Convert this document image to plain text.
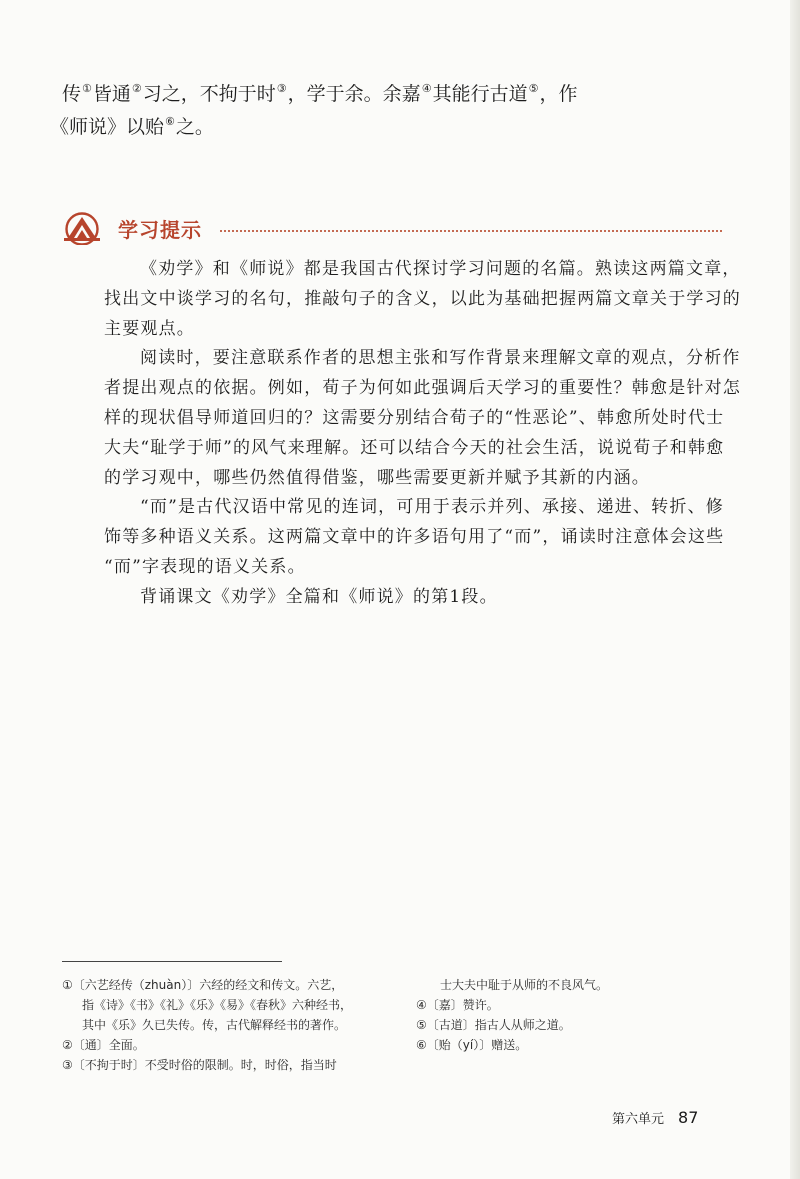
传①皆通②习之，不拘于时③，学于余。余嘉④其能行古道⑤，作
《师说》以贻⑥之。
学习提示

《劝学》和《师说》都是我国古代探讨学习问题的名篇。熟读这两篇文章，
找出文中谈学习的名句，推敲句子的含义，以此为基础把握两篇文章关于学习的
主要观点。

阅读时，要注意联系作者的思想主张和写作背景来理解文章的观点，分析作
者提出观点的依据。例如，荀子为何如此强调后天学习的重要性？韩愈是针对怎
样的现状倡导师道回归的？这需要分别结合荀子的“性恶论”、韩愈所处时代士
大夫“耻学于师”的风气来理解。还可以结合今天的社会生活，说说荀子和韩愈
的学习观中，哪些仍然值得借鉴，哪些需要更新并赋予其新的内涵。

“而”是古代汉语中常见的连词，可用于表示并列、承接、递进、转折、修
饰等多种语义关系。这两篇文章中的许多语句用了“而”，诵读时注意体会这些
“而”字表现的语义关系。

背诵课文《劝学》全篇和《师说》的第1段。

①〔六艺经传（zhuàn）〕六经的经文和传文。六艺，

指《诗》《书》《礼》《乐》《易》《春秋》六种经书，

其中《乐》久已失传。传，古代解释经书的著作。

②〔通〕全面。

③〔不拘于时〕不受时俗的限制。时，时俗，指当时

士大夫中耻于从师的不良风气。

④〔嘉〕赞许。

⑤〔古道〕指古人从师之道。

⑥〔贻（yí）〕赠送。

第六单元 87
